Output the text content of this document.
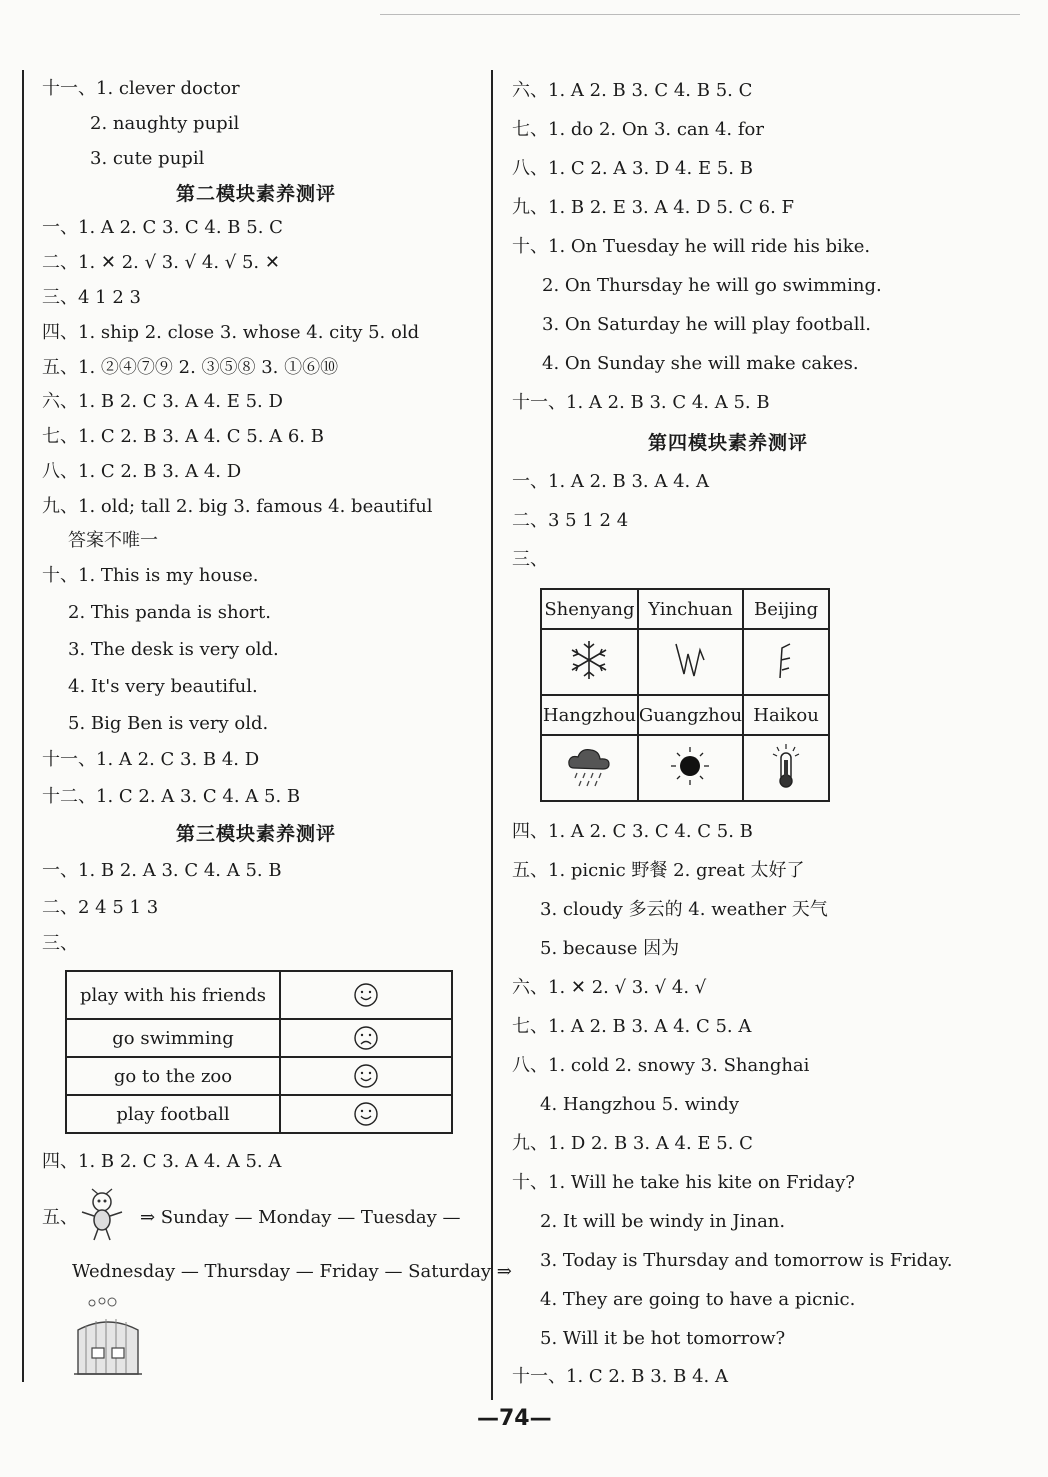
十一、1. clever doctor
2. naughty pupil
3. cute pupil
第二模块素养测评
一、1. A 2. C 3. C 4. B 5. C
二、1. ✕ 2. √ 3. √ 4. √ 5. ✕
三、4 1 2 3
四、1. ship 2. close 3. whose 4. city 5. old
五、1. ②④⑦⑨ 2. ③⑤⑧ 3. ①⑥⑩
六、1. B 2. C 3. A 4. E 5. D
七、1. C 2. B 3. A 4. C 5. A 6. B
八、1. C 2. B 3. A 4. D
九、1. old; tall 2. big 3. famous 4. beautiful
答案不唯一
十、1. This is my house.
2. This panda is short.
3. The desk is very old.
4. It's very beautiful.
5. Big Ben is very old.
十一、1. A 2. C 3. B 4. D
十二、1. C 2. A 3. C 4. A 5. B
第三模块素养测评
一、1. B 2. A 3. C 4. A 5. B
二、2 4 5 1 3
三、
play with his friends	
go swimming	
go to the zoo	
play football	
四、1. B 2. C 3. A 4. A 5. A
五、	⇒ Sunday — Monday — Tuesday —
Wednesday — Thursday — Friday — Saturday ⇒
六、1. A 2. B 3. C 4. B 5. C
七、1. do 2. On 3. can 4. for
八、1. C 2. A 3. D 4. E 5. B
九、1. B 2. E 3. A 4. D 5. C 6. F
十、1. On Tuesday he will ride his bike.
2. On Thursday he will go swimming.
3. On Saturday he will play football.
4. On Sunday she will make cakes.
十一、1. A 2. B 3. C 4. A 5. B
第四模块素养测评
一、1. A 2. B 3. A 4. A
二、3 5 1 2 4
三、
Shenyang	Yinchuan	Beijing

Hangzhou	Guangzhou	Haikou

四、1. A 2. C 3. C 4. C 5. B
五、1. picnic 野餐 2. great 太好了
3. cloudy 多云的 4. weather 天气
5. because 因为
六、1. ✕ 2. √ 3. √ 4. √
七、1. A 2. B 3. A 4. C 5. A
八、1. cold 2. snowy 3. Shanghai
4. Hangzhou 5. windy
九、1. D 2. B 3. A 4. E 5. C
十、1. Will he take his kite on Friday?
2. It will be windy in Jinan.
3. Today is Thursday and tomorrow is Friday.
4. They are going to have a picnic.
5. Will it be hot tomorrow?
十一、1. C 2. B 3. B 4. A
—74—
